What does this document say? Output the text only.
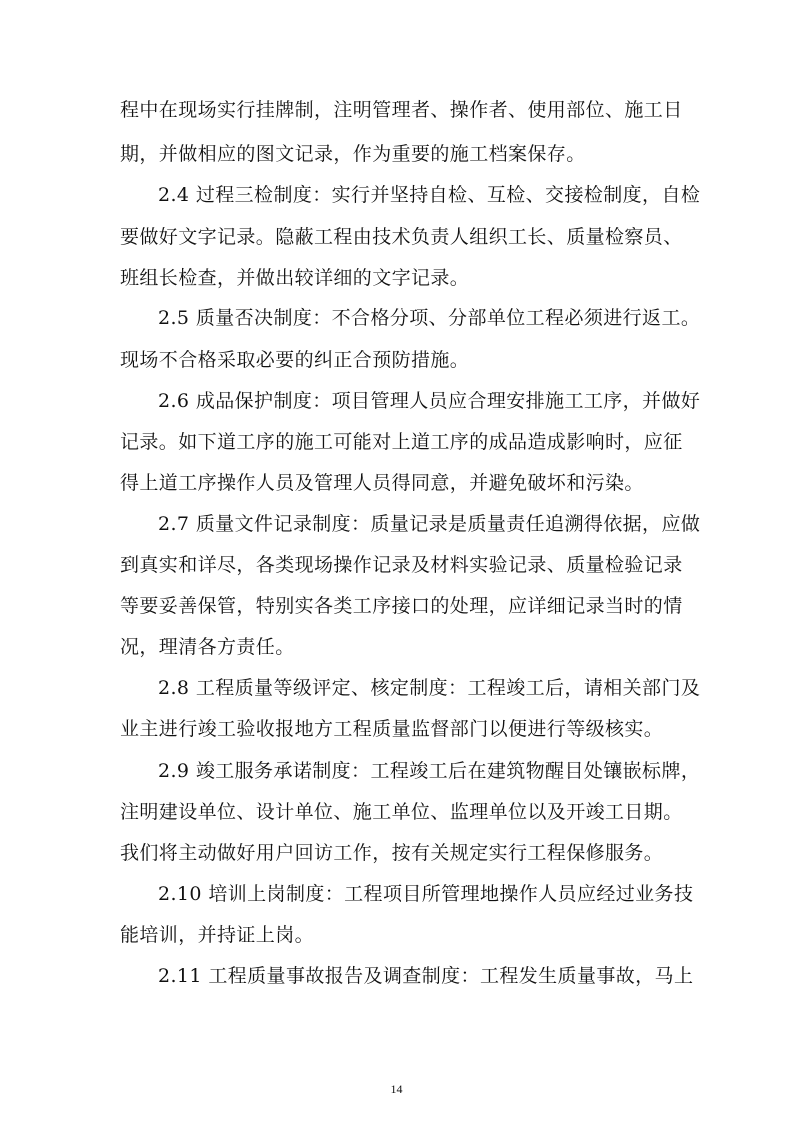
程中在现场实行挂牌制，注明管理者、操作者、使用部位、施工日
期，并做相应的图文记录，作为重要的施工档案保存。
2.4 过程三检制度：实行并坚持自检、互检、交接检制度，自检
要做好文字记录。隐蔽工程由技术负责人组织工长、质量检察员、
班组长检查，并做出较详细的文字记录。
2.5 质量否决制度：不合格分项、分部单位工程必须进行返工。
现场不合格采取必要的纠正合预防措施。
2.6 成品保护制度：项目管理人员应合理安排施工工序，并做好
记录。如下道工序的施工可能对上道工序的成品造成影响时，应征
得上道工序操作人员及管理人员得同意，并避免破坏和污染。
2.7 质量文件记录制度：质量记录是质量责任追溯得依据，应做
到真实和详尽，各类现场操作记录及材料实验记录、质量检验记录
等要妥善保管，特别实各类工序接口的处理，应详细记录当时的情
况，理清各方责任。
2.8 工程质量等级评定、核定制度：工程竣工后，请相关部门及
业主进行竣工验收报地方工程质量监督部门以便进行等级核实。
2.9 竣工服务承诺制度：工程竣工后在建筑物醒目处镶嵌标牌，
注明建设单位、设计单位、施工单位、监理单位以及开竣工日期。
我们将主动做好用户回访工作，按有关规定实行工程保修服务。
2.10 培训上岗制度：工程项目所管理地操作人员应经过业务技
能培训，并持证上岗。
2.11 工程质量事故报告及调查制度：工程发生质量事故，马上
14
